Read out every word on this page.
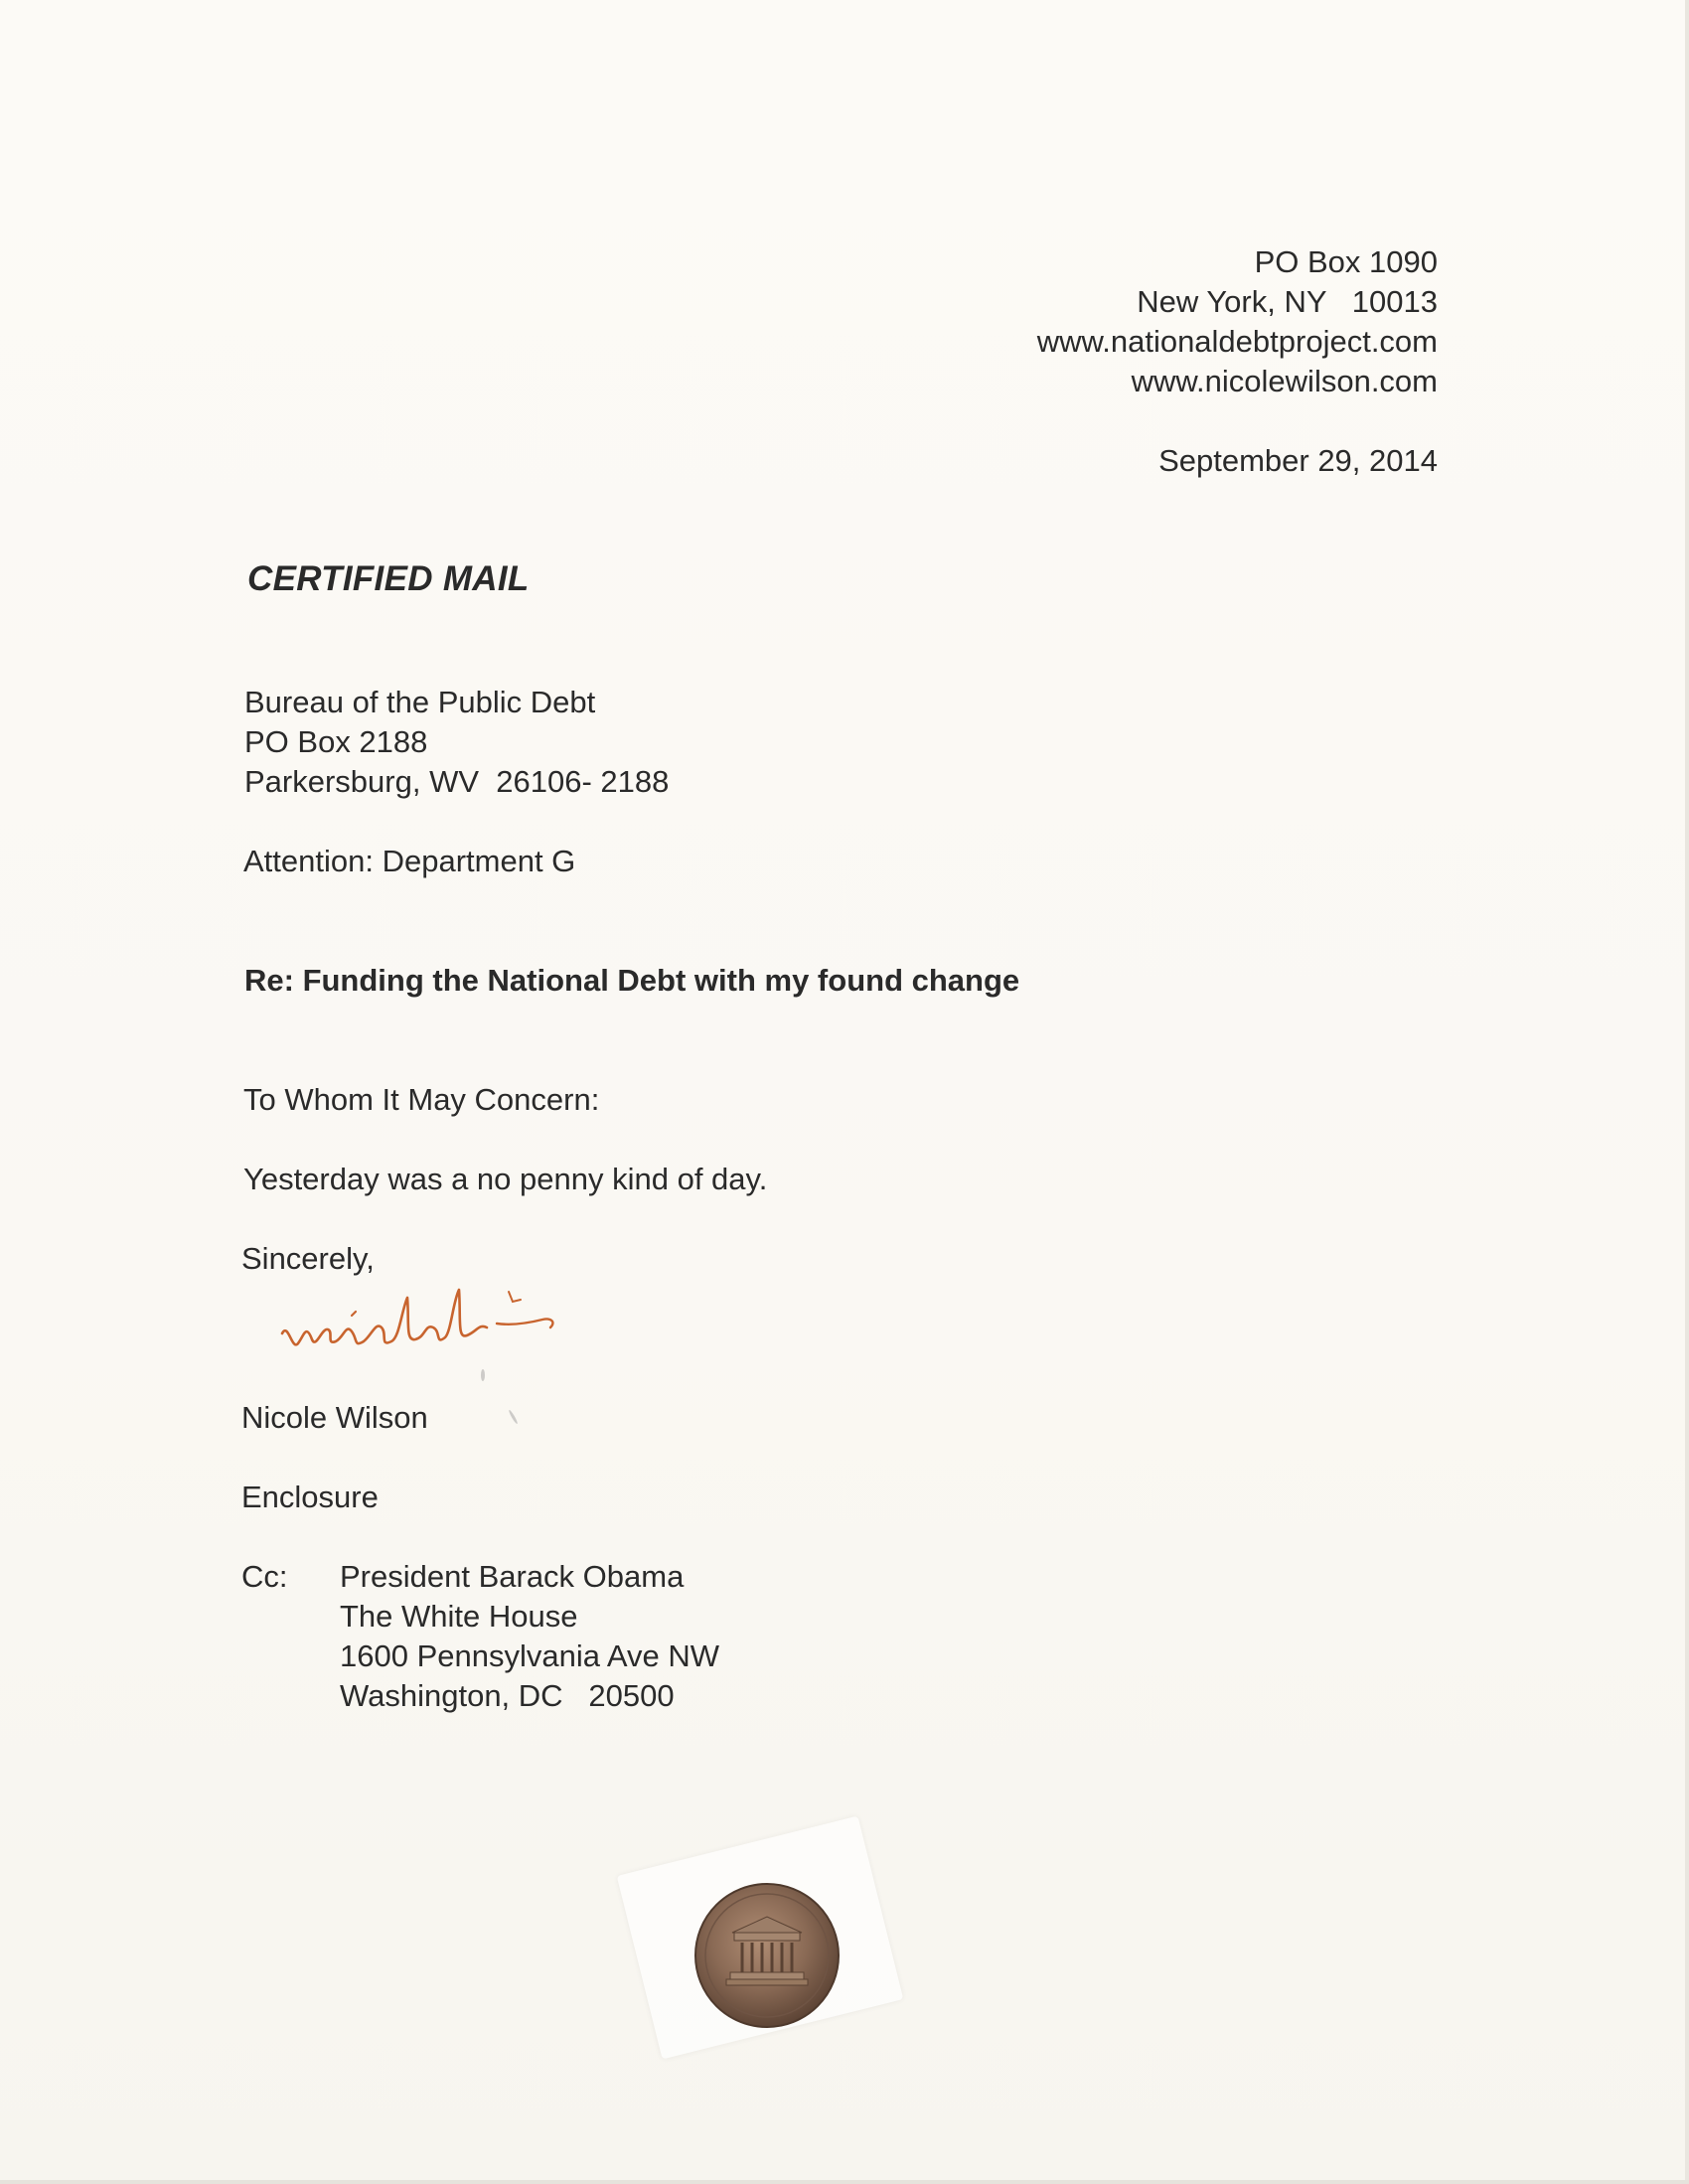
PO Box 1090
New York, NY   10013
www.nationaldebtproject.com
www.nicolewilson.com
September 29, 2014
CERTIFIED MAIL
Bureau of the Public Debt
PO Box 2188
Parkersburg, WV  26106- 2188
Attention: Department G
Re: Funding the National Debt with my found change
To Whom It May Concern:
Yesterday was a no penny kind of day.
Sincerely,
Nicole Wilson
Enclosure
Cc: President Barack Obama
The White House
1600 Pennsylvania Ave NW
Washington, DC   20500
